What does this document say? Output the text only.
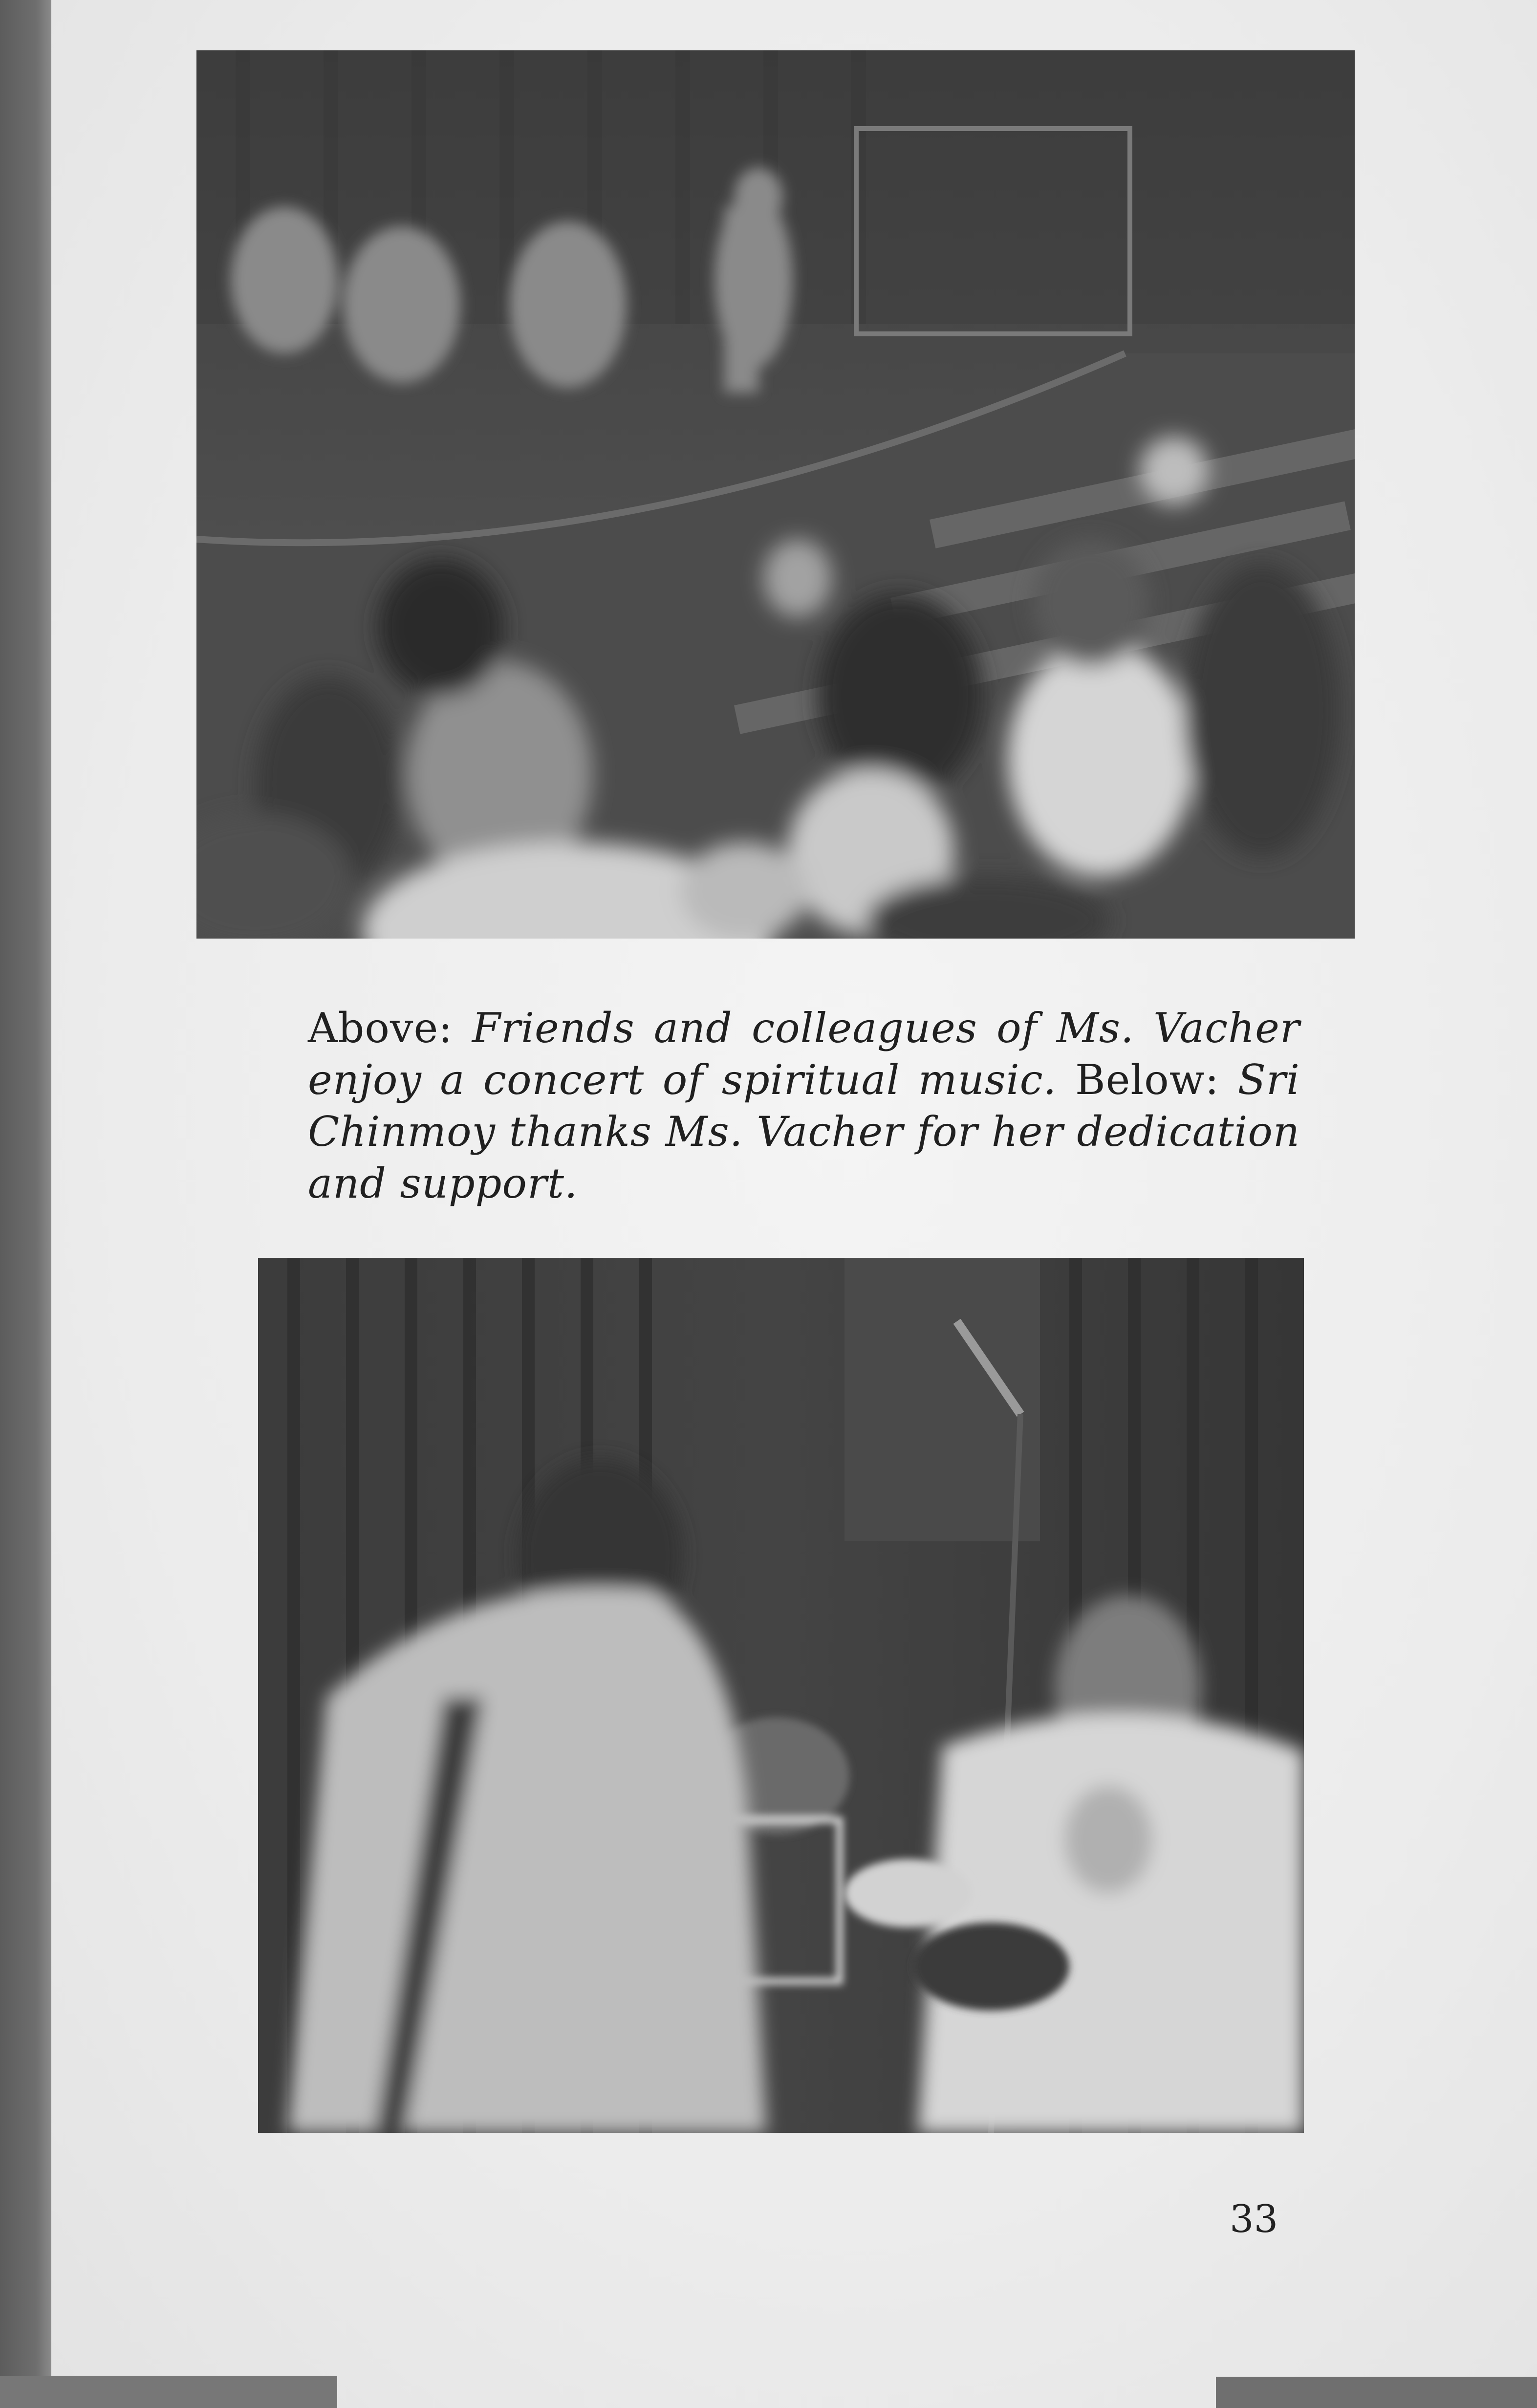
Above: Friends and colleagues of Ms. Vacher enjoy a concert of spiritual music. Below: Sri Chinmoy thanks Ms. Vacher for her dedication and support.
33
